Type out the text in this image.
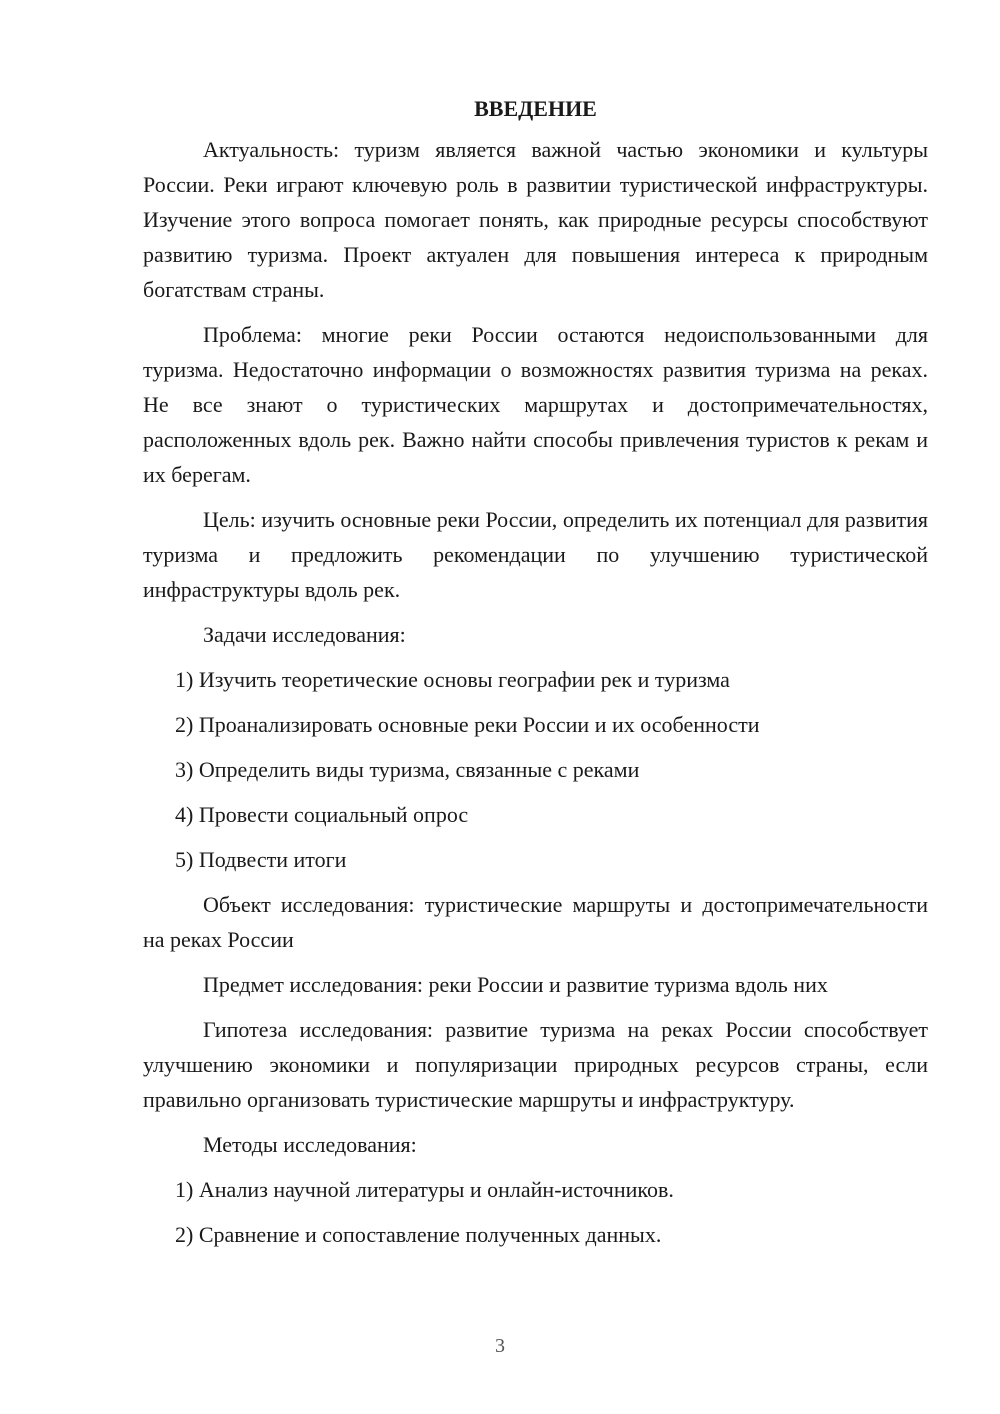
ВВЕДЕНИЕ

Актуальность: туризм является важной частью экономики и культуры России. Реки играют ключевую роль в развитии туристической инфраструктуры. Изучение этого вопроса помогает понять, как природные ресурсы способствуют развитию туризма. Проект актуален для повышения интереса к природным богатствам страны.

Проблема: многие реки России остаются недоиспользованными для туризма. Недостаточно информации о возможностях развития туризма на реках. Не все знают о туристических маршрутах и достопримечательностях, расположенных вдоль рек. Важно найти способы привлечения туристов к рекам и их берегам.

Цель: изучить основные реки России, определить их потенциал для развития туризма и предложить рекомендации по улучшению туристической инфраструктуры вдоль рек.

Задачи исследования:

1) Изучить теоретические основы географии рек и туризма
2) Проанализировать основные реки России и их особенности
3) Определить виды туризма, связанные с реками
4) Провести социальный опрос
5) Подвести итоги

Объект исследования: туристические маршруты и достопримечательности на реках России

Предмет исследования: реки России и развитие туризма вдоль них

Гипотеза исследования: развитие туризма на реках России способствует улучшению экономики и популяризации природных ресурсов страны, если правильно организовать туристические маршруты и инфраструктуру.

Методы исследования:

1) Анализ научной литературы и онлайн-источников.
2) Сравнение и сопоставление полученных данных.
3
